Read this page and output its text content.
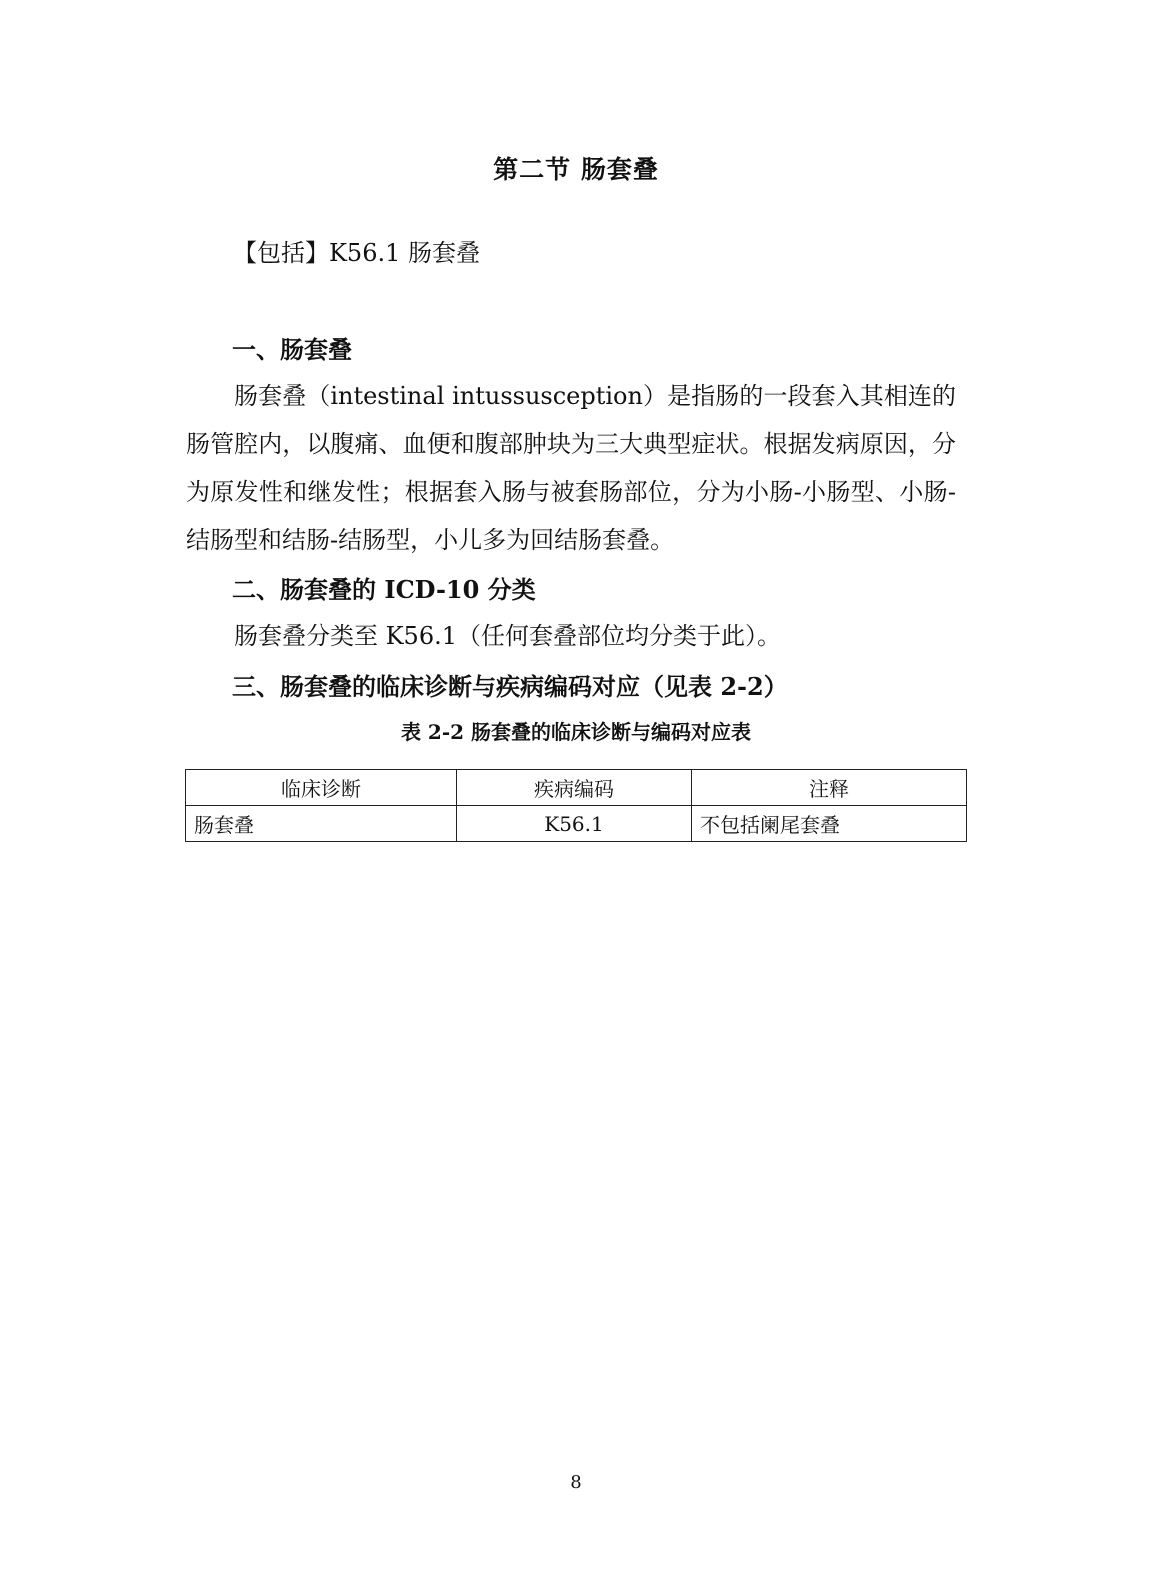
第二节 肠套叠
【包括】K56.1 肠套叠
一、肠套叠
肠套叠（intestinal intussusception）是指肠的一段套入其相连的肠管腔内，以腹痛、血便和腹部肿块为三大典型症状。根据发病原因，分为原发性和继发性；根据套入肠与被套肠部位，分为小肠-小肠型、小肠-结肠型和结肠-结肠型，小儿多为回结肠套叠。
二、肠套叠的 ICD-10 分类
肠套叠分类至 K56.1（任何套叠部位均分类于此）。
三、肠套叠的临床诊断与疾病编码对应（见表 2-2）
表 2-2 肠套叠的临床诊断与编码对应表
临床诊断	疾病编码	注释
肠套叠	K56.1	不包括阑尾套叠
8
